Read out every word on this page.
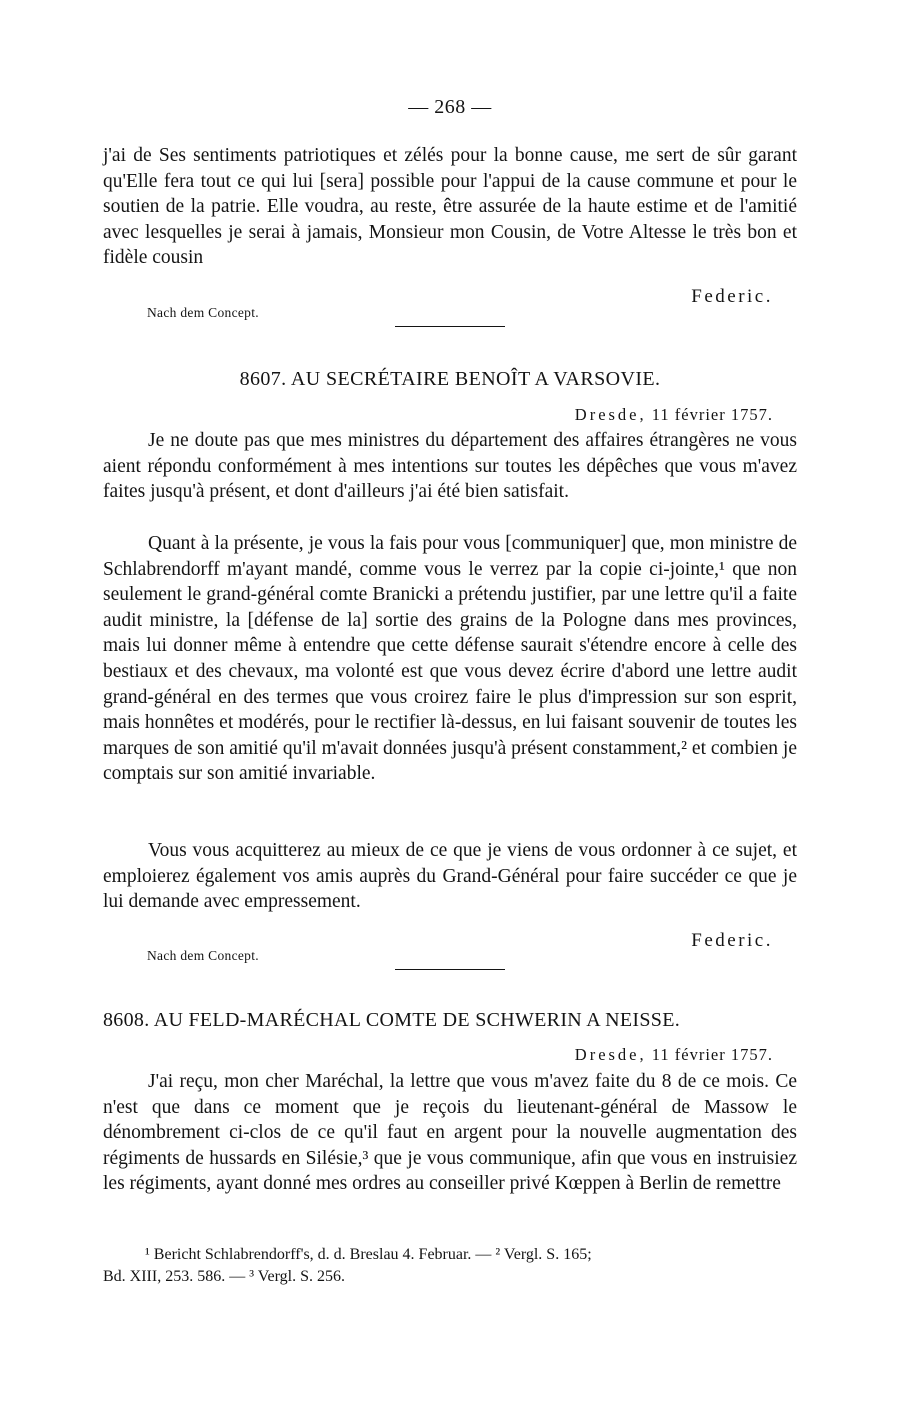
— 268 —

j'ai de Ses sentiments patriotiques et zélés pour la bonne cause, me sert de sûr garant qu'Elle fera tout ce qui lui [sera] possible pour l'appui de la cause commune et pour le soutien de la patrie. Elle voudra, au reste, être assurée de la haute estime et de l'amitié avec lesquelles je serai à jamais, Monsieur mon Cousin, de Votre Altesse le très bon et fidèle cousin

Federic.
Nach dem Concept.
8607. AU SECRÉTAIRE BENOÎT A VARSOVIE.
Dresde, 11 février 1757.

Je ne doute pas que mes ministres du département des affaires étrangères ne vous aient répondu conformément à mes intentions sur toutes les dépêches que vous m'avez faites jusqu'à présent, et dont d'ailleurs j'ai été bien satisfait.

Quant à la présente, je vous la fais pour vous [communiquer] que, mon ministre de Schlabrendorff m'ayant mandé, comme vous le verrez par la copie ci-jointe,¹ que non seulement le grand-général comte Branicki a prétendu justifier, par une lettre qu'il a faite audit ministre, la [défense de la] sortie des grains de la Pologne dans mes provinces, mais lui donner même à entendre que cette défense saurait s'étendre encore à celle des bestiaux et des chevaux, ma volonté est que vous devez écrire d'abord une lettre audit grand-général en des termes que vous croirez faire le plus d'impression sur son esprit, mais honnêtes et modérés, pour le rectifier là-dessus, en lui faisant souvenir de toutes les marques de son amitié qu'il m'avait données jusqu'à présent constamment,² et combien je comptais sur son amitié invariable.

Vous vous acquitterez au mieux de ce que je viens de vous ordonner à ce sujet, et emploierez également vos amis auprès du Grand-Général pour faire succéder ce que je lui demande avec empressement.

Federic.
Nach dem Concept.
8608. AU FELD-MARÉCHAL COMTE DE SCHWERIN A NEISSE.
Dresde, 11 février 1757.

J'ai reçu, mon cher Maréchal, la lettre que vous m'avez faite du 8 de ce mois. Ce n'est que dans ce moment que je reçois du lieutenant-général de Massow le dénombrement ci-clos de ce qu'il faut en argent pour la nouvelle augmentation des régiments de hussards en Silésie,³ que je vous communique, afin que vous en instruisiez les régiments, ayant donné mes ordres au conseiller privé Kœppen à Berlin de remettre

¹ Bericht Schlabrendorff's, d. d. Breslau 4. Februar. — ² Vergl. S. 165;
Bd. XIII, 253. 586. — ³ Vergl. S. 256.
